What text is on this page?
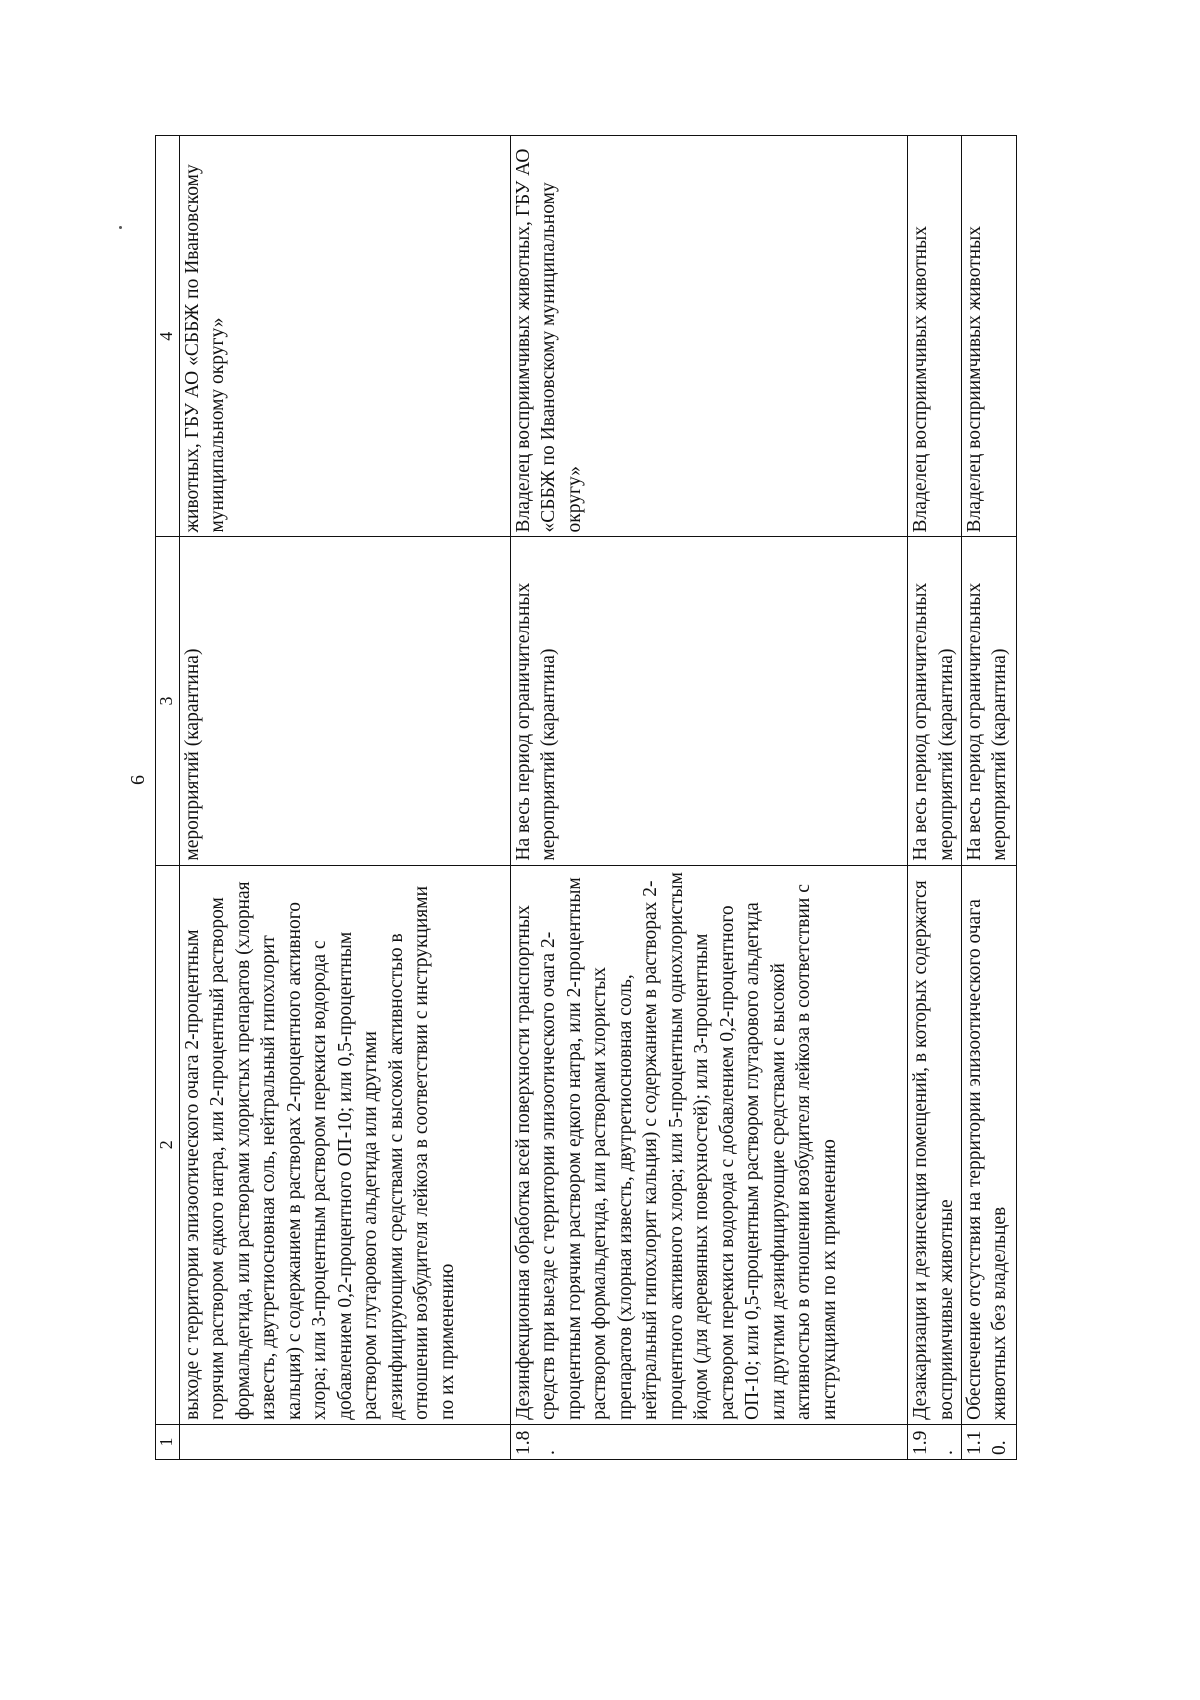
6
1	2	3	4
	выходе с территории эпизоотического очага 2-процентным горячим раствором едкого натра, или 2-процентный раствором формальдегида, или растворами хлористых препаратов (хлорная известь, двутретиосновная соль, нейтральный гипохлорит кальция) с содержанием в растворах 2-процентного активного хлора; или 3-процентным раствором перекиси водорода с добавлением 0,2-процентного ОП-10; или 0,5-процентным раствором глутарового альдегида или другими дезинфицирующими средствами с высокой активностью в отношении возбудителя лейкоза в соответствии с инструкциями по их применению	мероприятий (карантина)	животных, ГБУ АО «СББЖ по Ивановскому муниципальному округу»
1.8.	Дезинфекционная обработка всей поверхности транспортных средств при выезде с территории эпизоотического очага 2-процентным горячим раствором едкого натра, или 2-процентным раствором формальдегида, или растворами хлористых препаратов (хлорная известь, двутретиосновная соль, нейтральный гипохлорит кальция) с содержанием в растворах 2-процентного активного хлора; или 5-процентным однохлористым йодом (для деревянных поверхностей); или 3-процентным раствором перекиси водорода с добавлением 0,2-процентного ОП-10; или 0,5-процентным раствором глутарового альдегида или другими дезинфицирующие средствами с высокой активностью в отношении возбудителя лейкоза в соответствии с инструкциями по их применению	На весь период ограничительных мероприятий (карантина)	Владелец восприимчивых животных, ГБУ АО «СББЖ по Ивановскому муниципальному округу»
1.9.	Дезакаризация и дезинсекция помещений, в которых содержатся восприимчивые животные	На весь период ограничительных мероприятий (карантина)	Владелец восприимчивых животных
1.10.	Обеспечение отсутствия на территории эпизоотического очага животных без владельцев	На весь период ограничительных мероприятий (карантина)	Владелец восприимчивых животных
